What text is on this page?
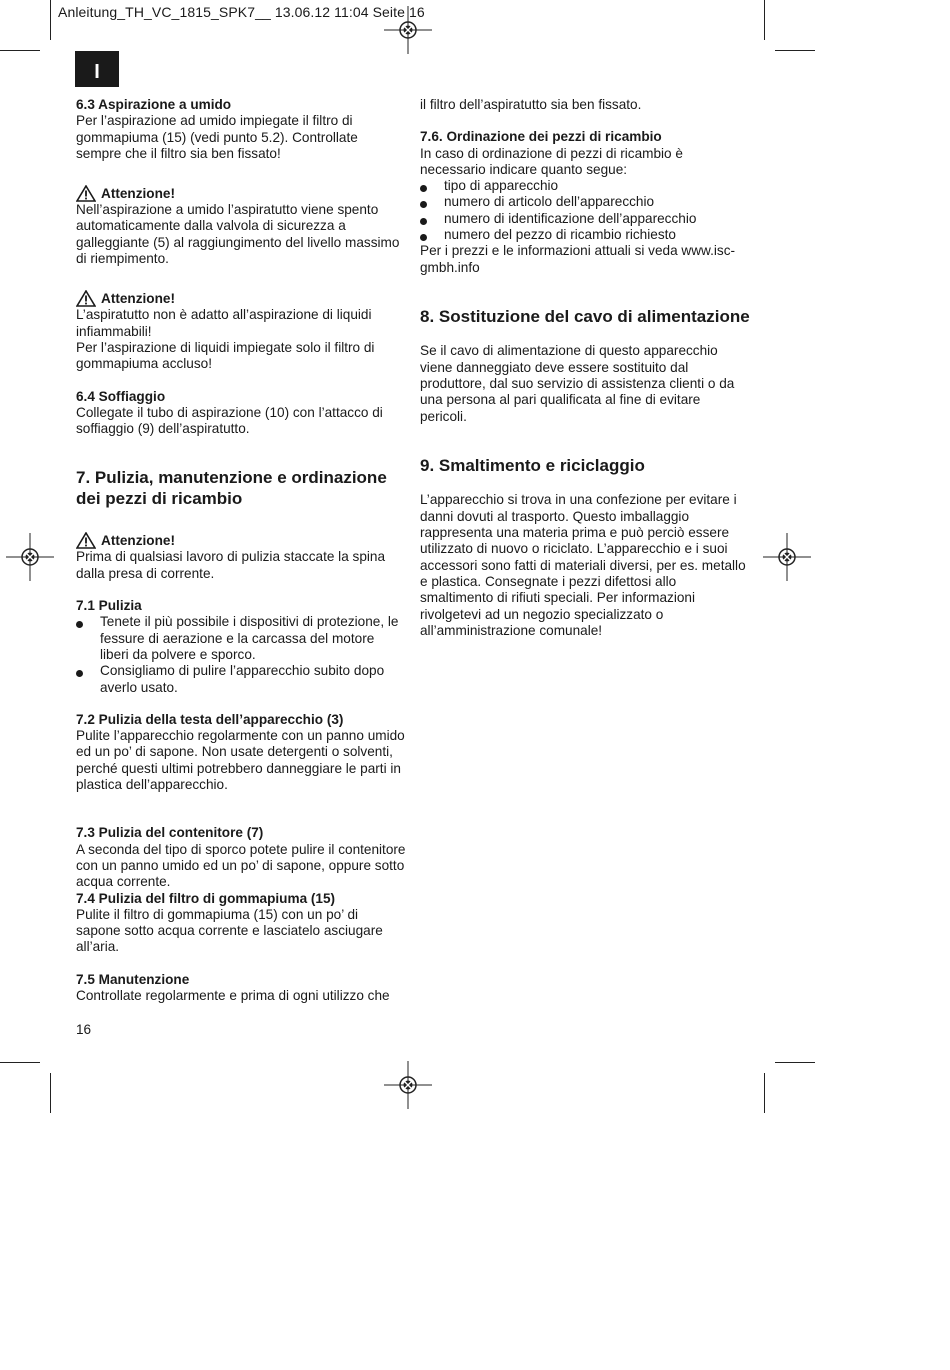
Anleitung_TH_VC_1815_SPK7__ 13.06.12 11:04 Seite 16
I
6.3 Aspirazione a umido
Per l’aspirazione ad umido impiegate il filtro di gommapiuma (15) (vedi punto 5.2). Controllate sempre che il filtro sia ben fissato!
Attenzione!
Nell’aspirazione a umido l’aspiratutto viene spento automaticamente dalla valvola di sicurezza a galleggiante (5) al raggiungimento del livello massimo di riempimento.
Attenzione!
L’aspiratutto non è adatto all’aspirazione di liquidi infiammabili!
Per l’aspirazione di liquidi impiegate solo il filtro di gommapiuma accluso!
6.4 Soffiaggio
Collegate il tubo di aspirazione (10) con l’attacco di soffiaggio (9) dell’aspiratutto.
7. Pulizia, manutenzione e ordinazione dei pezzi di ricambio
Attenzione!
Prima di qualsiasi lavoro di pulizia staccate la spina dalla presa di corrente.
7.1 Pulizia
Tenete il più possibile i dispositivi di protezione, le fessure di aerazione e la carcassa del motore liberi da polvere e sporco.
Consigliamo di pulire l’apparecchio subito dopo averlo usato.
7.2 Pulizia della testa dell’apparecchio (3)
Pulite l’apparecchio regolarmente con un panno umido ed un po’ di sapone. Non usate detergenti o solventi, perché questi ultimi potrebbero danneggiare le parti in plastica dell’apparecchio.
7.3 Pulizia del contenitore (7)
A seconda del tipo di sporco potete pulire il contenitore con un panno umido ed un po’ di sapone, oppure sotto acqua corrente.
7.4 Pulizia del filtro di gommapiuma (15)
Pulite il filtro di gommapiuma (15) con un po’ di sapone sotto acqua corrente e lasciatelo asciugare all’aria.
7.5 Manutenzione
Controllate regolarmente e prima di ogni utilizzo che
il filtro dell’aspiratutto sia ben fissato.
7.6. Ordinazione dei pezzi di ricambio
In caso di ordinazione di pezzi di ricambio è necessario indicare quanto segue:
tipo di apparecchio
numero di articolo dell’apparecchio
numero di identificazione dell’apparecchio
numero del pezzo di ricambio richiesto
Per i prezzi e le informazioni attuali si veda www.isc-gmbh.info
8. Sostituzione del cavo di alimentazione
Se il cavo di alimentazione di questo apparecchio viene danneggiato deve essere sostituito dal produttore, dal suo servizio di assistenza clienti o da una persona al pari qualificata al fine di evitare pericoli.
9. Smaltimento e riciclaggio
L’apparecchio si trova in una confezione per evitare i danni dovuti al trasporto. Questo imballaggio rappresenta una materia prima e può perciò essere utilizzato di nuovo o riciclato. L’apparecchio e i suoi accessori sono fatti di materiali diversi, per es. metallo e plastica. Consegnate i pezzi difettosi allo smaltimento di rifiuti speciali. Per informazioni rivolgetevi ad un negozio specializzato o all’amministrazione comunale!
16
